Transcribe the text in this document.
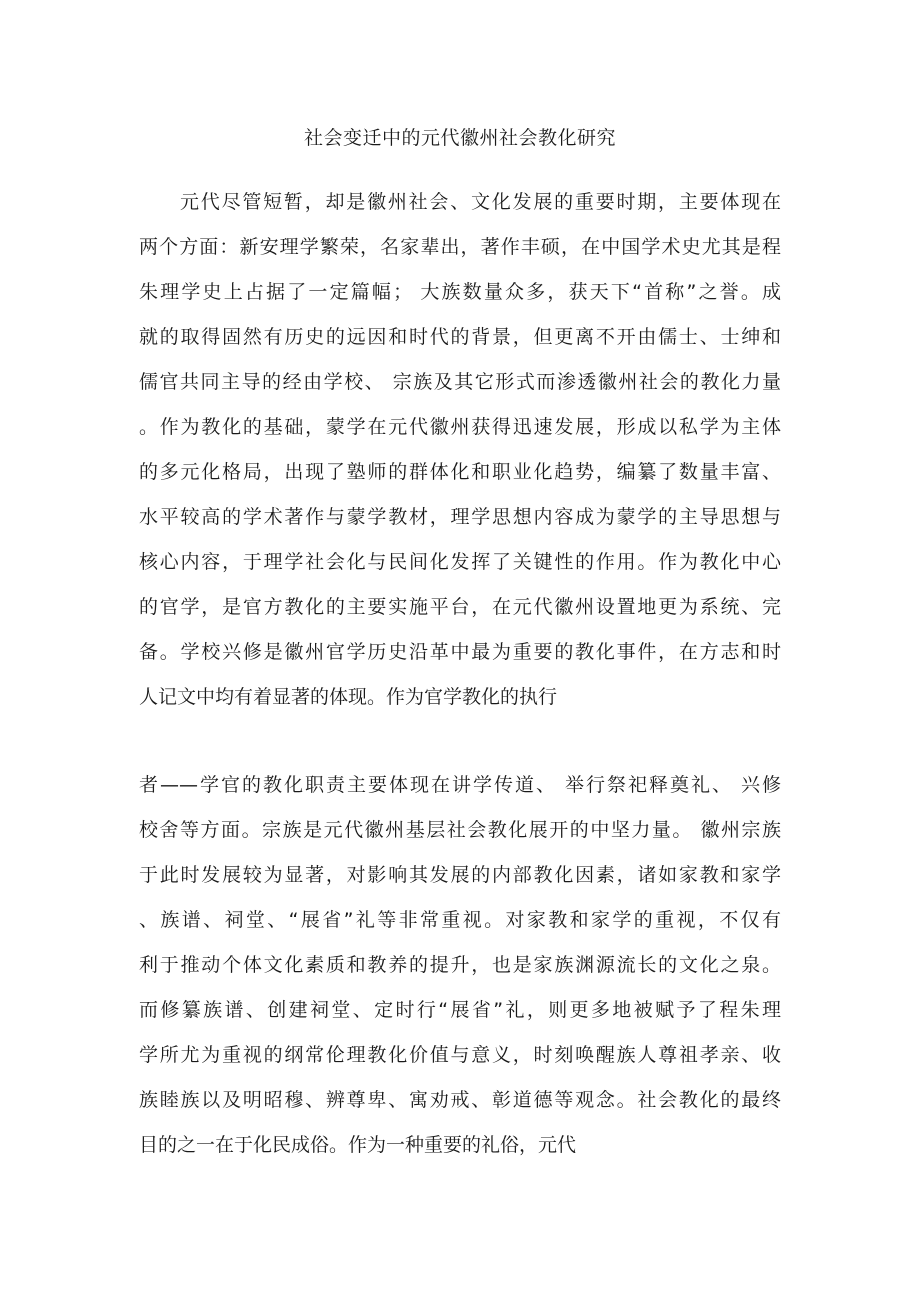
社会变迁中的元代徽州社会教化研究
元代尽管短暂，却是徽州社会、文化发展的重要时期，主要体现在
两个方面：新安理学繁荣，名家辈出，著作丰硕，在中国学术史尤其是程
朱理学史上占据了一定篇幅； 大族数量众多，获天下“首称”之誉。成
就的取得固然有历史的远因和时代的背景，但更离不开由儒士、士绅和
儒官共同主导的经由学校、 宗族及其它形式而渗透徽州社会的教化力量
。作为教化的基础，蒙学在元代徽州获得迅速发展，形成以私学为主体
的多元化格局，出现了塾师的群体化和职业化趋势，编纂了数量丰富、
水平较高的学术著作与蒙学教材，理学思想内容成为蒙学的主导思想与
核心内容，于理学社会化与民间化发挥了关键性的作用。作为教化中心
的官学，是官方教化的主要实施平台，在元代徽州设置地更为系统、完
备。学校兴修是徽州官学历史沿革中最为重要的教化事件，在方志和时
人记文中均有着显著的体现。作为官学教化的执行
者——学官的教化职责主要体现在讲学传道、 举行祭祀释奠礼、 兴修
校舍等方面。宗族是元代徽州基层社会教化展开的中坚力量。 徽州宗族
于此时发展较为显著，对影响其发展的内部教化因素，诸如家教和家学
、族谱、祠堂、“展省”礼等非常重视。对家教和家学的重视，不仅有
利于推动个体文化素质和教养的提升，也是家族渊源流长的文化之泉。
而修纂族谱、创建祠堂、定时行“展省”礼，则更多地被赋予了程朱理
学所尤为重视的纲常伦理教化价值与意义，时刻唤醒族人尊祖孝亲、收
族睦族以及明昭穆、辨尊卑、寓劝戒、彰道德等观念。社会教化的最终
目的之一在于化民成俗。作为一种重要的礼俗，元代
